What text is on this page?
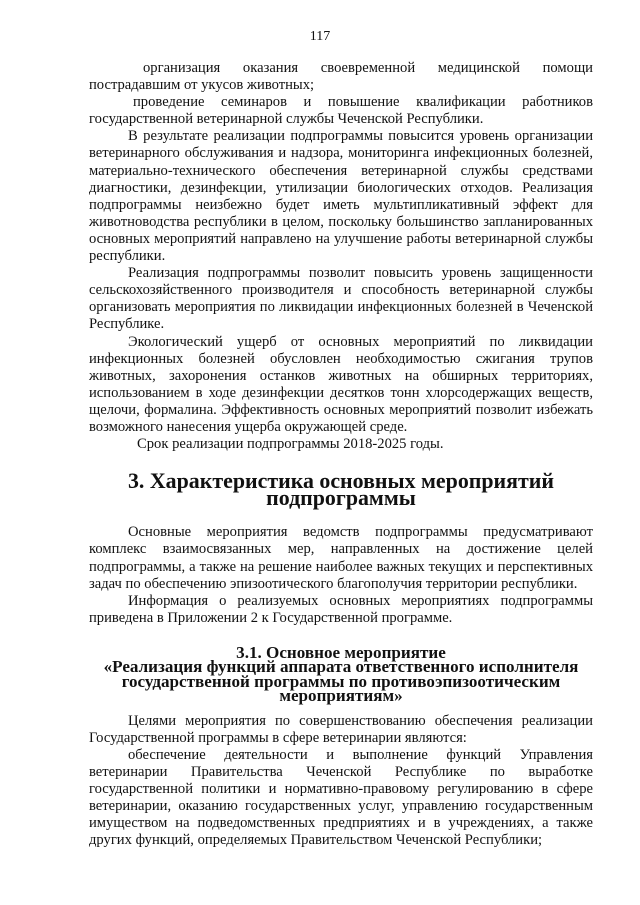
117

организация оказания своевременной медицинской помощи пострадавшим от укусов животных;

проведение семинаров и повышение квалификации работников государственной ветеринарной службы Чеченской Республики.

В результате реализации подпрограммы повысится уровень организации ветеринарного обслуживания и надзора, мониторинга инфекционных болезней, материально-технического обеспечения ветеринарной службы средствами диагностики, дезинфекции, утилизации биологических отходов. Реализация подпрограммы неизбежно будет иметь мультипликативный эффект для животноводства республики в целом, поскольку большинство запланированных основных мероприятий направлено на улучшение работы ветеринарной службы республики.

Реализация подпрограммы позволит повысить уровень защищенности сельскохозяйственного производителя и способность ветеринарной службы организовать мероприятия по ликвидации инфекционных болезней в Чеченской Республике.

Экологический ущерб от основных мероприятий по ликвидации инфекционных болезней обусловлен необходимостью сжигания трупов животных, захоронения останков животных на обширных территориях, использованием в ходе дезинфекции десятков тонн хлорсодержащих веществ, щелочи, формалина. Эффективность основных мероприятий позволит избежать возможного нанесения ущерба окружающей среде.

Срок реализации подпрограммы 2018-2025 годы.

3. Характеристика основных мероприятий подпрограммы

Основные мероприятия ведомств подпрограммы предусматривают комплекс взаимосвязанных мер, направленных на достижение целей подпрограммы, а также на решение наиболее важных текущих и перспективных задач по обеспечению эпизоотического благополучия территории республики.

Информация о реализуемых основных мероприятиях подпрограммы приведена в Приложении 2 к Государственной программе.

3.1. Основное мероприятие
«Реализация функций аппарата ответственного исполнителя
государственной программы по противоэпизоотическим мероприятиям»

Целями мероприятия по совершенствованию обеспечения реализации Государственной программы в сфере ветеринарии являются:

обеспечение деятельности и выполнение функций Управления ветеринарии Правительства Чеченской Республике по выработке государственной политики и нормативно-правовому регулированию в сфере ветеринарии, оказанию государственных услуг, управлению государственным имуществом на подведомственных предприятиях и в учреждениях, а также других функций, определяемых Правительством Чеченской Республики;
